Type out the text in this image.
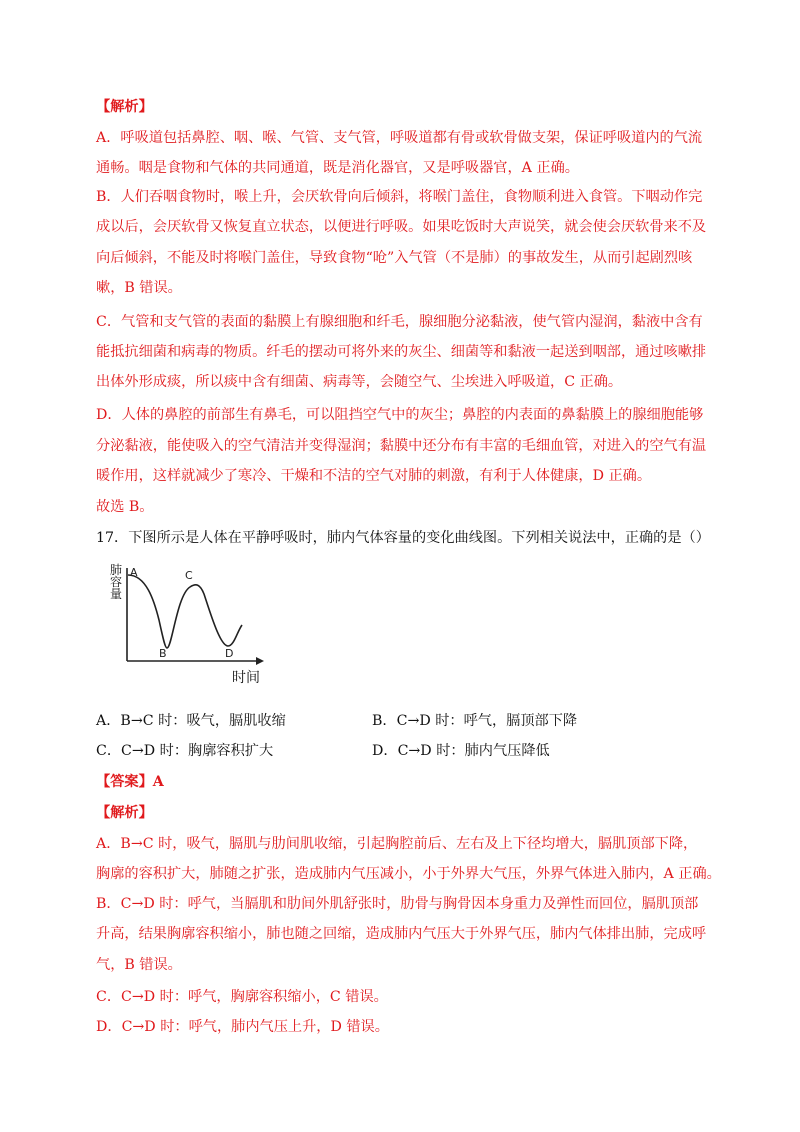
【解析】
A．呼吸道包括鼻腔、咽、喉、气管、支气管，呼吸道都有骨或软骨做支架，保证呼吸道内的气流
通畅。咽是食物和气体的共同通道，既是消化器官，又是呼吸器官，A 正确。
B．人们吞咽食物时，喉上升，会厌软骨向后倾斜，将喉门盖住，食物顺利进入食管。下咽动作完
成以后，会厌软骨又恢复直立状态，以便进行呼吸。如果吃饭时大声说笑，就会使会厌软骨来不及
向后倾斜，不能及时将喉门盖住，导致食物“呛”入气管（不是肺）的事故发生，从而引起剧烈咳
嗽，B 错误。
C．气管和支气管的表面的黏膜上有腺细胞和纤毛，腺细胞分泌黏液，使气管内湿润，黏液中含有
能抵抗细菌和病毒的物质。纤毛的摆动可将外来的灰尘、细菌等和黏液一起送到咽部，通过咳嗽排
出体外形成痰，所以痰中含有细菌、病毒等，会随空气、尘埃进入呼吸道，C 正确。
D．人体的鼻腔的前部生有鼻毛，可以阻挡空气中的灰尘；鼻腔的内表面的鼻黏膜上的腺细胞能够
分泌黏液，能使吸入的空气清洁并变得湿润；黏膜中还分布有丰富的毛细血管，对进入的空气有温
暖作用，这样就减少了寒冷、干燥和不洁的空气对肺的刺激，有利于人体健康，D 正确。
故选 B。
17．下图所示是人体在平静呼吸时，肺内气体容量的变化曲线图。下列相关说法中，正确的是（）
A
B
C
D
肺
容
量
时间
A．B→C 时：吸气，膈肌收缩	B．C→D 时：呼气，膈顶部下降
C．C→D 时：胸廓容积扩大	D．C→D 时：肺内气压降低
【答案】A
【解析】
A．B→C 时，吸气，膈肌与肋间肌收缩，引起胸腔前后、左右及上下径均增大，膈肌顶部下降，
胸廓的容积扩大，肺随之扩张，造成肺内气压减小，小于外界大气压，外界气体进入肺内，A 正确。
B．C→D 时：呼气，当膈肌和肋间外肌舒张时，肋骨与胸骨因本身重力及弹性而回位，膈肌顶部
升高，结果胸廓容积缩小，肺也随之回缩，造成肺内气压大于外界气压，肺内气体排出肺，完成呼
气，B 错误。
C．C→D 时：呼气，胸廓容积缩小，C 错误。
D．C→D 时：呼气，肺内气压上升，D 错误。
